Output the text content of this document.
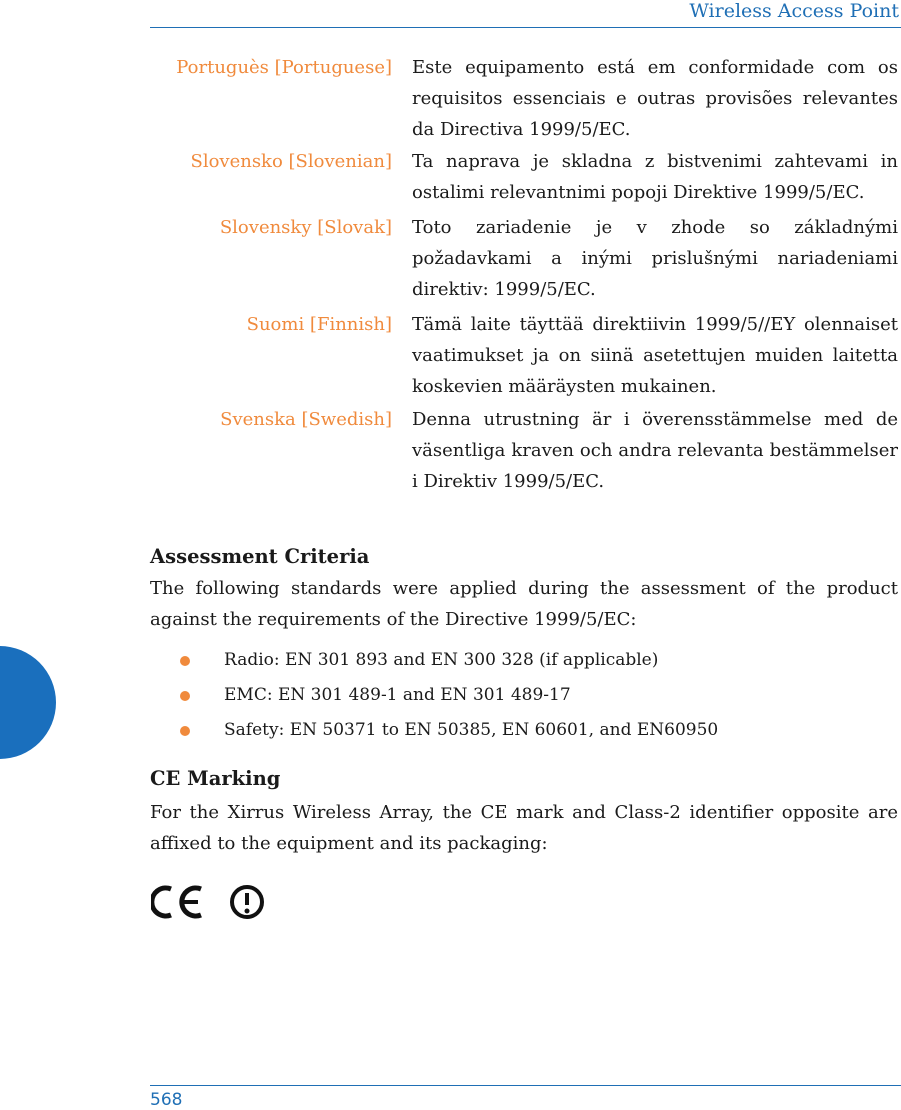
Wireless Access Point
Portuguès [Portuguese] Este equipamento está em conformidade com os requisitos essenciais e outras provisões relevantes da Directiva 1999/5/EC.
Slovensko [Slovenian] Ta naprava je skladna z bistvenimi zahtevami in ostalimi relevantnimi popoji Direktive 1999/5/EC.
Slovensky [Slovak] Toto zariadenie je v zhode so základnými požadavkami a inými prislušnými nariadeniami direktiv: 1999/5/EC.
Suomi [Finnish] Tämä laite täyttää direktiivin 1999/5//EY olennaiset vaatimukset ja on siinä asetettujen muiden laitetta koskevien määräysten mukainen.
Svenska [Swedish] Denna utrustning är i överensstämmelse med de väsentliga kraven och andra relevanta bestämmelser i Direktiv 1999/5/EC.
Assessment Criteria
The following standards were applied during the assessment of the product against the requirements of the Directive 1999/5/EC:
Radio: EN 301 893 and EN 300 328 (if applicable)
EMC: EN 301 489-1 and EN 301 489-17
Safety: EN 50371 to EN 50385, EN 60601, and EN60950
CE Marking
For the Xirrus Wireless Array, the CE mark and Class-2 identifier opposite are affixed to the equipment and its packaging:
568
